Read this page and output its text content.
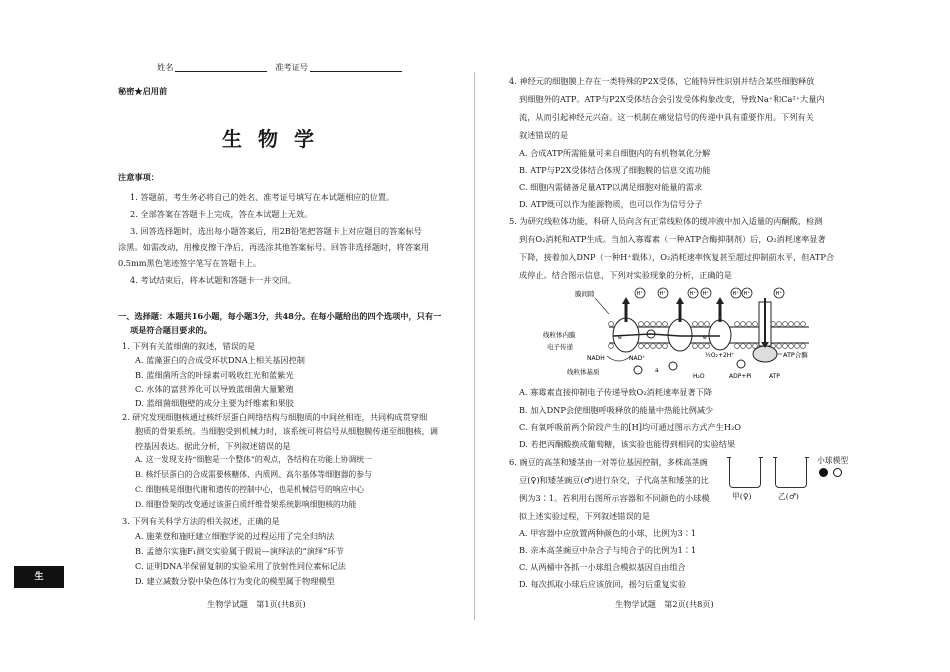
姓名	准考证号
秘密★启用前
生物学
注意事项：
1. 答题前，考生务必将自己的姓名、准考证号填写在本试题相应的位置。
2. 全部答案在答题卡上完成，答在本试题上无效。
3. 回答选择题时，选出每小题答案后，用2B铅笔把答题卡上对应题目的答案标号
涂黑。如需改动，用橡皮擦干净后，再选涂其他答案标号。回答非选择题时，将答案用
0.5mm黑色笔迹签字笔写在答题卡上。
4. 考试结束后，将本试题和答题卡一并交回。
一、选择题：本题共16小题，每小题3分，共48分。在每小题给出的四个选项中，只有一
项是符合题目要求的。
1. 下列有关蓝细菌的叙述，错误的是
A. 蓝藻蛋白的合成受环状DNA上相关基因控制
B. 蓝细菌所含的叶绿素可吸收红光和蓝紫光
C. 水体的富营养化可以导致蓝细菌大量繁殖
D. 蓝细菌细胞壁的成分主要为纤维素和果胶
2. 研究发现细胞核通过核纤层蛋白网络结构与细胞质的中间丝相连，共同构成贯穿细
胞质的骨架系统。当细胞受到机械力时，该系统可将信号从细胞膜传递至细胞核，调
控基因表达。据此分析，下列叙述错误的是
A. 这一发现支持“细胞是一个整体”的观点，各结构在功能上协调统一
B. 核纤层蛋白的合成需要核糖体、内质网、高尔基体等细胞器的参与
C. 细胞核是细胞代谢和遗传的控制中心，也是机械信号的响应中心
D. 细胞骨架的改变通过该蛋白质纤维骨架系统影响细胞核的功能
3. 下列有关科学方法的相关叙述，正确的是
A. 施莱登和施旺建立细胞学说的过程运用了完全归纳法
B. 孟德尔实施F₁测交实验属于假说—演绎法的“演绎”环节
C. 证明DNA半保留复制的实验采用了放射性同位素标记法
D. 建立减数分裂中染色体行为变化的模型属于物理模型
生物学试题　第1页(共8页)
生
4. 神经元的细胞膜上存在一类特殊的P2X受体，它能特异性识别并结合某些细胞释放
到细胞外的ATP。ATP与P2X受体结合会引发受体构象改变，导致Na⁺和Ca²⁺大量内
流，从而引起神经元兴奋。这一机制在痛觉信号的传递中具有重要作用。下列有关
叙述错误的是
A. 合成ATP所需能量可来自细胞内的有机物氧化分解
B. ATP与P2X受体结合体现了细胞膜的信息交流功能
C. 细胞内需储备足量ATP以满足细胞对能量的需求
D. ATP既可以作为能源物质，也可以作为信号分子
5. 为研究线粒体功能，科研人员向含有正常线粒体的缓冲液中加入适量的丙酮酸，检测
到有O₂消耗和ATP生成。当加入寡霉素（一种ATP合酶抑制剂）后，O₂消耗速率显著
下降，接着加入DNP（一种H⁺载体），O₂消耗速率恢复甚至超过抑制前水平，但ATP合
成停止。结合图示信息，下列对实验现象的分析，正确的是
H⁺	H⁺	H⁺ H⁺	H⁺ H⁺	H⁺
e⁻	e⁻
膜间隙
线粒体内膜
电子传递
NADH	NAD⁺
线粒体基质
½O₂+2H⁺
H₂O	ADP+Pi	ATP
ATP合酶
a
A. 寡霉素直接抑制电子传递导致O₂消耗速率显著下降
B. 加入DNP会使细胞呼吸释放的能量中热能比例减少
C. 有氧呼吸前两个阶段产生的[H]均可通过图示方式产生H₂O
D. 若把丙酮酸换成葡萄糖，该实验也能得到相同的实验结果
6. 豌豆的高茎和矮茎由一对等位基因控制，多株高茎豌
豆(♀)和矮茎豌豆(♂)进行杂交，子代高茎和矮茎的比
例为3∶1。若利用右图所示容器和不同颜色的小球模
拟上述实验过程，下列叙述错误的是
甲(♀)	乙(♂)
小球模型
A. 甲容器中应放置两种颜色的小球，比例为3∶1
B. 亲本高茎豌豆中杂合子与纯合子的比例为1∶1
C. 从两桶中各抓一小球组合模拟基因自由组合
D. 每次抓取小球后应该放回，摇匀后重复实验
生物学试题　第2页(共8页)
